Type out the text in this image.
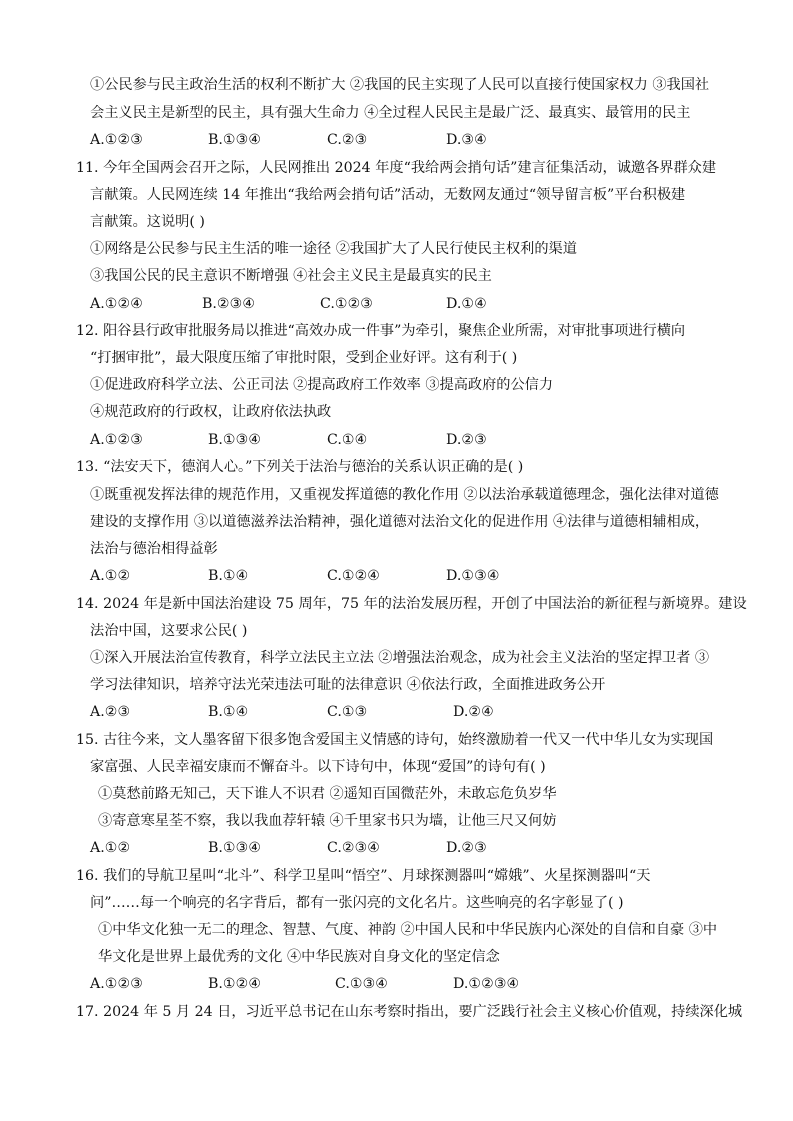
①公民参与民主政治生活的权利不断扩大 ②我国的民主实现了人民可以直接行使国家权力 ③我国社
会主义民主是新型的民主，具有强大生命力 ④全过程人民民主是最广泛、最真实、最管用的民主
A.①②③	B.①③④	C.②③	D.③④
11. 今年全国两会召开之际，人民网推出 2024 年度“我给两会捎句话”建言征集活动，诚邀各界群众建
言献策。人民网连续 14 年推出“我给两会捎句话”活动，无数网友通过“领导留言板”平台积极建
言献策。这说明( )
①网络是公民参与民主生活的唯一途径 ②我国扩大了人民行使民主权利的渠道
③我国公民的民主意识不断增强 ④社会主义民主是最真实的民主
A.①②④	B.②③④	C.①②③	D.①④
12. 阳谷县行政审批服务局以推进“高效办成一件事”为牵引，聚焦企业所需，对审批事项进行横向
“打捆审批”，最大限度压缩了审批时限，受到企业好评。这有利于( )
①促进政府科学立法、公正司法 ②提高政府工作效率 ③提高政府的公信力
④规范政府的行政权，让政府依法执政
A.①②③	B.①③④	C.①④	D.②③
13. “法安天下，德润人心。”下列关于法治与德治的关系认识正确的是( )
①既重视发挥法律的规范作用，又重视发挥道德的教化作用 ②以法治承载道德理念，强化法律对道德
建设的支撑作用 ③以道德滋养法治精神，强化道德对法治文化的促进作用 ④法律与道德相辅相成，
法治与德治相得益彰
A.①②	B.①④	C.①②④	D.①③④
14. 2024 年是新中国法治建设 75 周年，75 年的法治发展历程，开创了中国法治的新征程与新境界。建设
法治中国，这要求公民( )
①深入开展法治宣传教育，科学立法民主立法 ②增强法治观念，成为社会主义法治的坚定捍卫者 ③
学习法律知识，培养守法光荣违法可耻的法律意识 ④依法行政，全面推进政务公开
A.②③	B.①④	C.①③	D.②④
15. 古往今来，文人墨客留下很多饱含爱国主义情感的诗句，始终激励着一代又一代中华儿女为实现国
家富强、人民幸福安康而不懈奋斗。以下诗句中，体现“爱国”的诗句有( )
①莫愁前路无知己，天下谁人不识君 ②遥知百国微茫外，未敢忘危负岁华
③寄意寒星荃不察，我以我血荐轩辕 ④千里家书只为墙，让他三尺又何妨
A.①②	B.①③④	C.②③④	D.②③
16. 我们的导航卫星叫“北斗”、科学卫星叫“悟空”、月球探测器叫“嫦娥”、火星探测器叫“天
问”……每一个响亮的名字背后，都有一张闪亮的文化名片。这些响亮的名字彰显了( )
①中华文化独一无二的理念、智慧、气度、神韵 ②中国人民和中华民族内心深处的自信和自豪 ③中
华文化是世界上最优秀的文化 ④中华民族对自身文化的坚定信念
A.①②③	B.①②④	C.①③④	D.①②③④
17. 2024 年 5 月 24 日，习近平总书记在山东考察时指出，要广泛践行社会主义核心价值观，持续深化城
